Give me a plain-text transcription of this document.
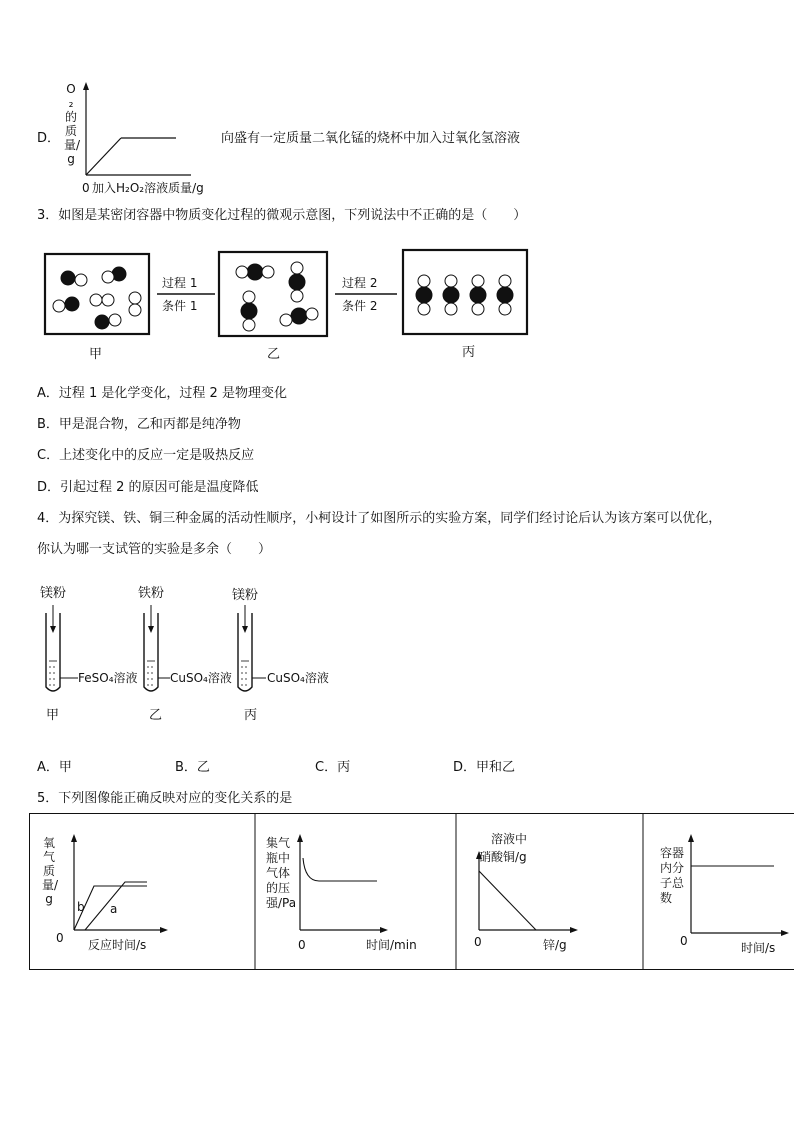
D．
O₂的质量/g
0 加入H₂O₂溶液质量/g
向盛有一定质量二氧化锰的烧杯中加入过氧化氢溶液
3．如图是某密闭容器中物质变化过程的微观示意图，下列说法中不正确的是（　　）
过程 1
条件 1
过程 2
条件 2
甲	乙	丙
A．过程 1 是化学变化，过程 2 是物理变化
B．甲是混合物，乙和丙都是纯净物
C．上述变化中的反应一定是吸热反应
D．引起过程 2 的原因可能是温度降低
4．为探究镁、铁、铜三种金属的活动性顺序，小柯设计了如图所示的实验方案，同学们经讨论后认为该方案可以优化，
你认为哪一支试管的实验是多余（　　）
镁粉	铁粉	镁粉
FeSO₄溶液	CuSO₄溶液	CuSO₄溶液
甲	乙	丙
A．甲	B．乙	C．丙	D．甲和乙
5．下列图像能正确反映对应的变化关系的是
氧气质量/g
0 反应时间/s
b a
集气瓶中气体的压强/Pa
0	时间/min
溶液中
硝酸铜/g
0	锌/g
容器内分子总数
0	时间/s
